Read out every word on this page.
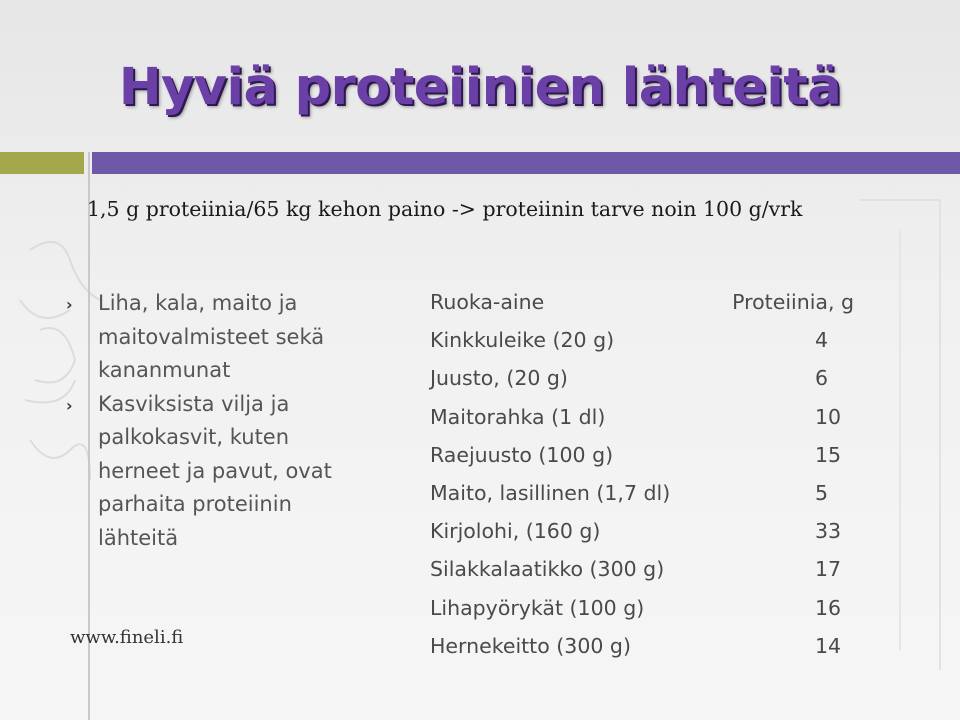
Hyviä proteiinien lähteitä
1,5 g proteiinia/65 kg kehon paino -> proteiinin tarve noin 100 g/vrk
› Liha, kala, maito ja maitovalmisteet sekä kananmunat
› Kasviksista vilja ja palkokasvit, kuten herneet ja pavut, ovat parhaita proteiinin lähteitä
www.fineli.fi
Ruoka-aine	Proteiinia, g
Kinkkuleike (20 g)	4
Juusto, (20 g)	6
Maitorahka (1 dl)	10
Raejuusto (100 g)	15
Maito, lasillinen (1,7 dl)	5
Kirjolohi, (160 g)	33
Silakkalaatikko (300 g)	17
Lihapyörykät (100 g)	16
Hernekeitto (300 g)	14
